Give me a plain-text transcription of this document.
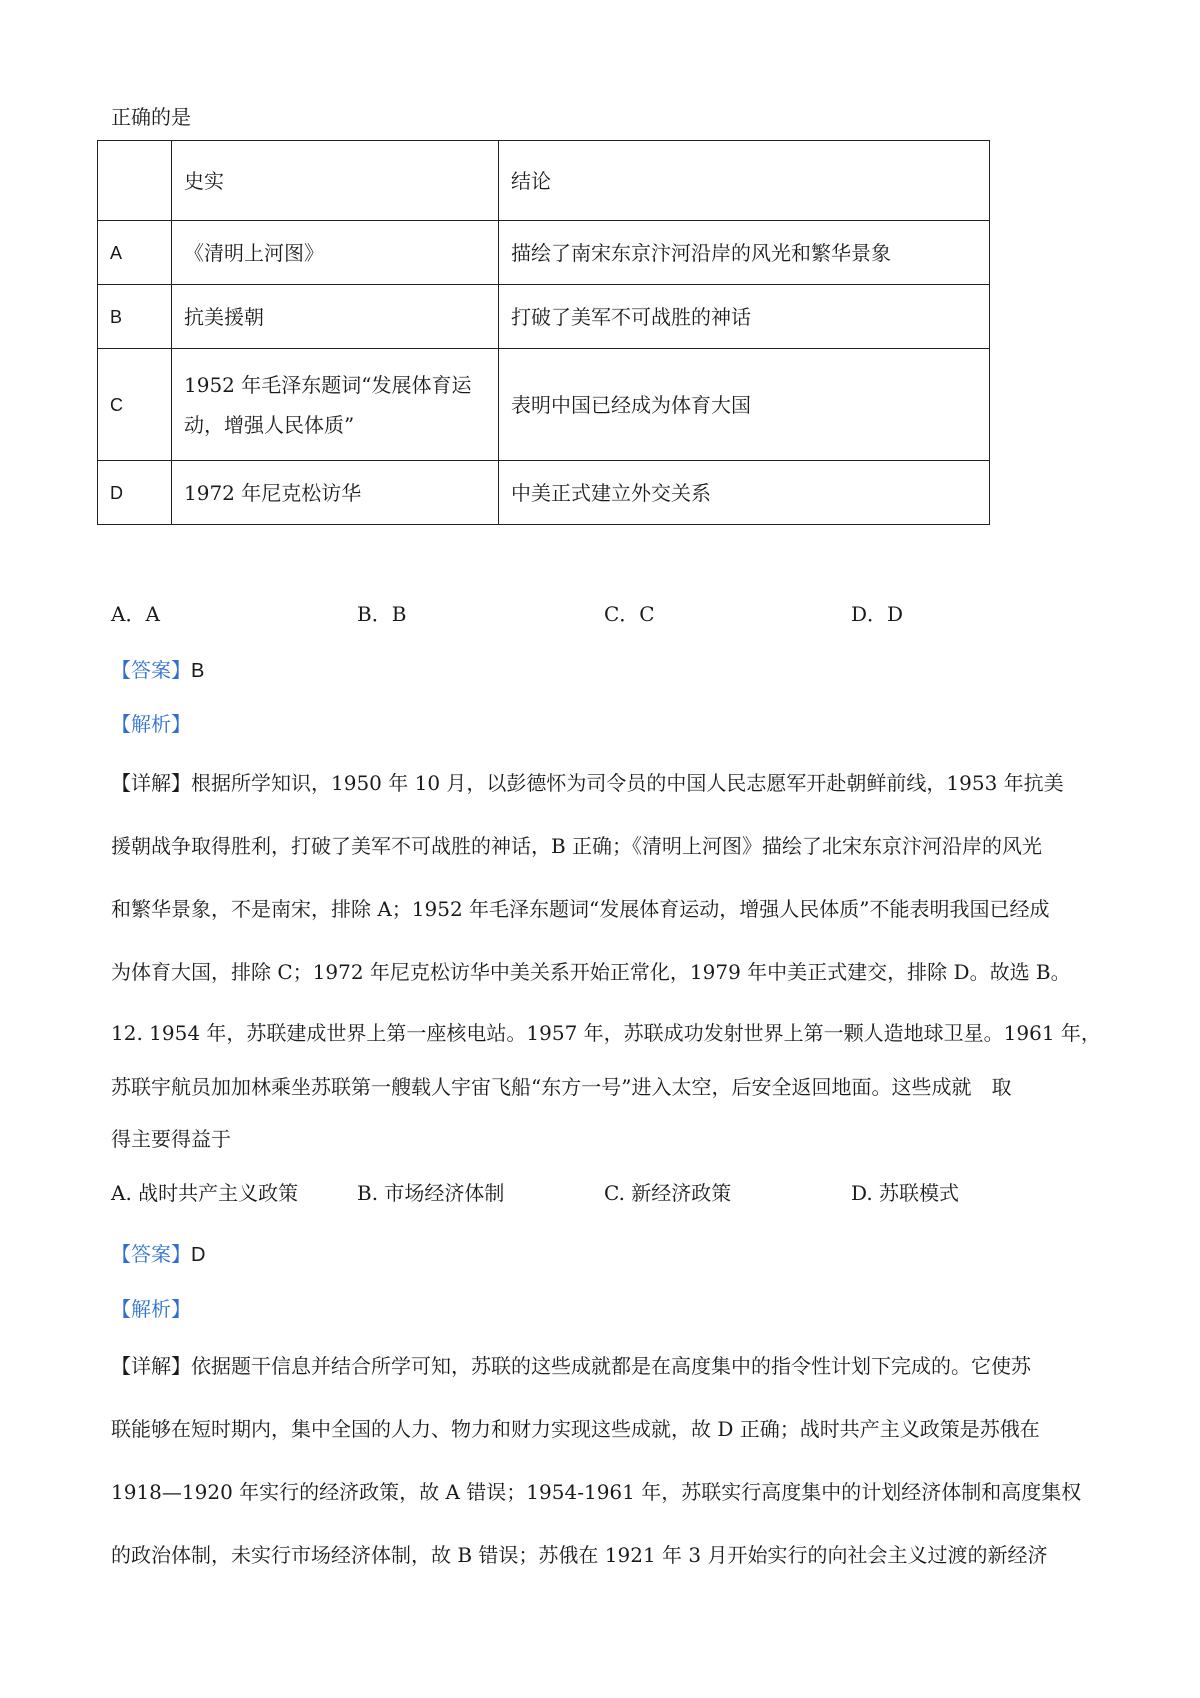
正确的是
	史实	结论
A	《清明上河图》	描绘了南宋东京汴河沿岸的风光和繁华景象
B	抗美援朝	打破了美军不可战胜的神话
C	1952 年毛泽东题词“发展体育运
动，增强人民体质”	表明中国已经成为体育大国
D	1972 年尼克松访华	中美正式建立外交关系
A．A	B．B	C．C	D．D
【答案】B
【解析】
【详解】根据所学知识，1950 年 10 月，以彭德怀为司令员的中国人民志愿军开赴朝鲜前线，1953 年抗美
援朝战争取得胜利，打破了美军不可战胜的神话，B 正确；《清明上河图》描绘了北宋东京汴河沿岸的风光
和繁华景象，不是南宋，排除 A；1952 年毛泽东题词“发展体育运动，增强人民体质”不能表明我国已经成
为体育大国，排除 C；1972 年尼克松访华中美关系开始正常化，1979 年中美正式建交，排除 D。故选 B。
12. 1954 年，苏联建成世界上第一座核电站。1957 年，苏联成功发射世界上第一颗人造地球卫星。1961 年，
苏联宇航员加加林乘坐苏联第一艘载人宇宙飞船“东方一号”进入太空，后安全返回地面。这些成就　取
得主要得益于
A. 战时共产主义政策	B. 市场经济体制	C. 新经济政策	D. 苏联模式
【答案】D
【解析】
【详解】依据题干信息并结合所学可知，苏联的这些成就都是在高度集中的指令性计划下完成的。它使苏
联能够在短时期内，集中全国的人力、物力和财力实现这些成就，故 D 正确；战时共产主义政策是苏俄在
1918—1920 年实行的经济政策，故 A 错误；1954-1961 年，苏联实行高度集中的计划经济体制和高度集权
的政治体制，未实行市场经济体制，故 B 错误；苏俄在 1921 年 3 月开始实行的向社会主义过渡的新经济
